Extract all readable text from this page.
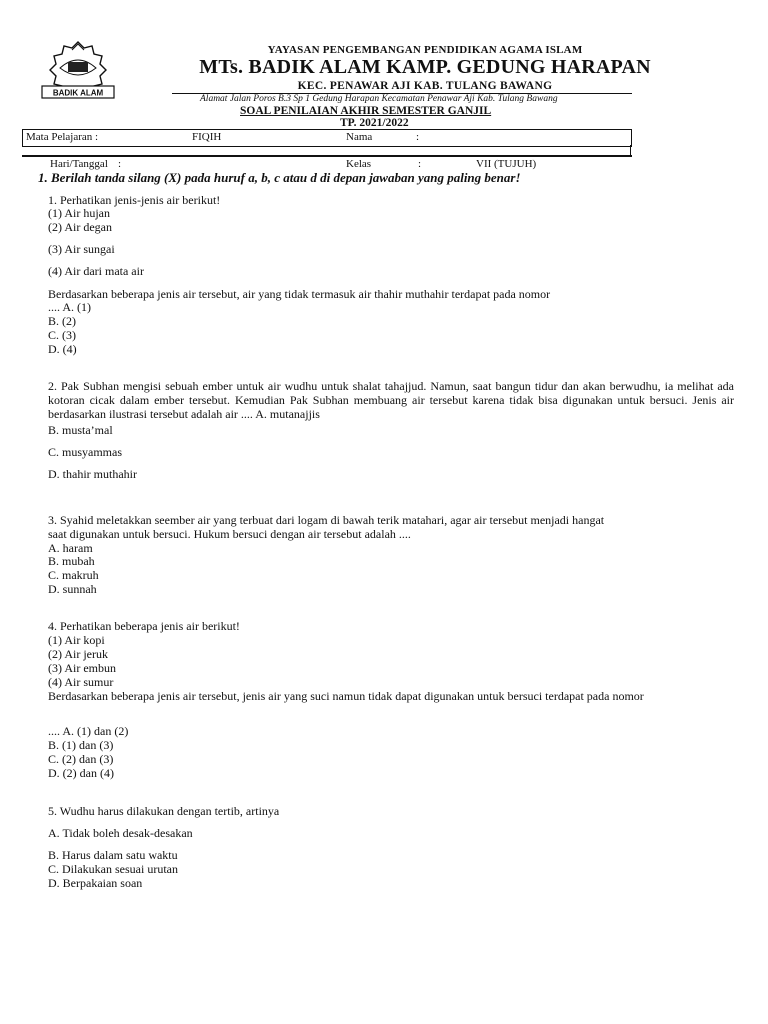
BADIK ALAM
YAYASAN PENGEMBANGAN PENDIDIKAN AGAMA ISLAM
MTs. BADIK ALAM KAMP. GEDUNG HARAPAN
KEC. PENAWAR AJI KAB. TULANG BAWANG
Alamat Jalan Poros B.3 Sp 1 Gedung Harapan Kecamatan Penawar Aji Kab. Tulang Bawang
SOAL PENILAIAN AKHIR SEMESTER GANJIL
TP. 2021/2022
Mata Pelajaran :	FIQIH	Nama	:
Hari/Tanggal :	Kelas	:	VII (TUJUH)
1. Berilah tanda silang (X) pada huruf a, b, c atau d di depan jawaban yang paling benar!
1. Perhatikan jenis-jenis air berikut!
(1) Air hujan
(2) Air degan
(3) Air sungai
(4) Air dari mata air
Berdasarkan beberapa jenis air tersebut, air yang tidak termasuk air thahir muthahir terdapat pada nomor
.... A. (1)
B. (2)
C. (3)
D. (4)
2. Pak Subhan mengisi sebuah ember untuk air wudhu untuk shalat tahajjud. Namun, saat bangun tidur dan akan berwudhu, ia melihat ada kotoran cicak dalam ember tersebut. Kemudian Pak Subhan membuang air tersebut karena tidak bisa digunakan untuk bersuci. Jenis air berdasarkan ilustrasi tersebut adalah air .... A. mutanajjis
B. musta’mal
C. musyammas
D. thahir muthahir
3. Syahid meletakkan seember air yang terbuat dari logam di bawah terik matahari, agar air tersebut menjadi hangat
saat digunakan untuk bersuci. Hukum bersuci dengan air tersebut adalah ....
A. haram
B. mubah
C. makruh
D. sunnah
4. Perhatikan beberapa jenis air berikut!
(1) Air kopi
(2) Air jeruk
(3) Air embun
(4) Air sumur
Berdasarkan beberapa jenis air tersebut, jenis air yang suci namun tidak dapat digunakan untuk bersuci terdapat pada nomor
.... A. (1) dan (2)
B. (1) dan (3)
C. (2) dan (3)
D. (2) dan (4)
5. Wudhu harus dilakukan dengan tertib, artinya
A. Tidak boleh desak-desakan
B. Harus dalam satu waktu
C. Dilakukan sesuai urutan
D. Berpakaian soan
